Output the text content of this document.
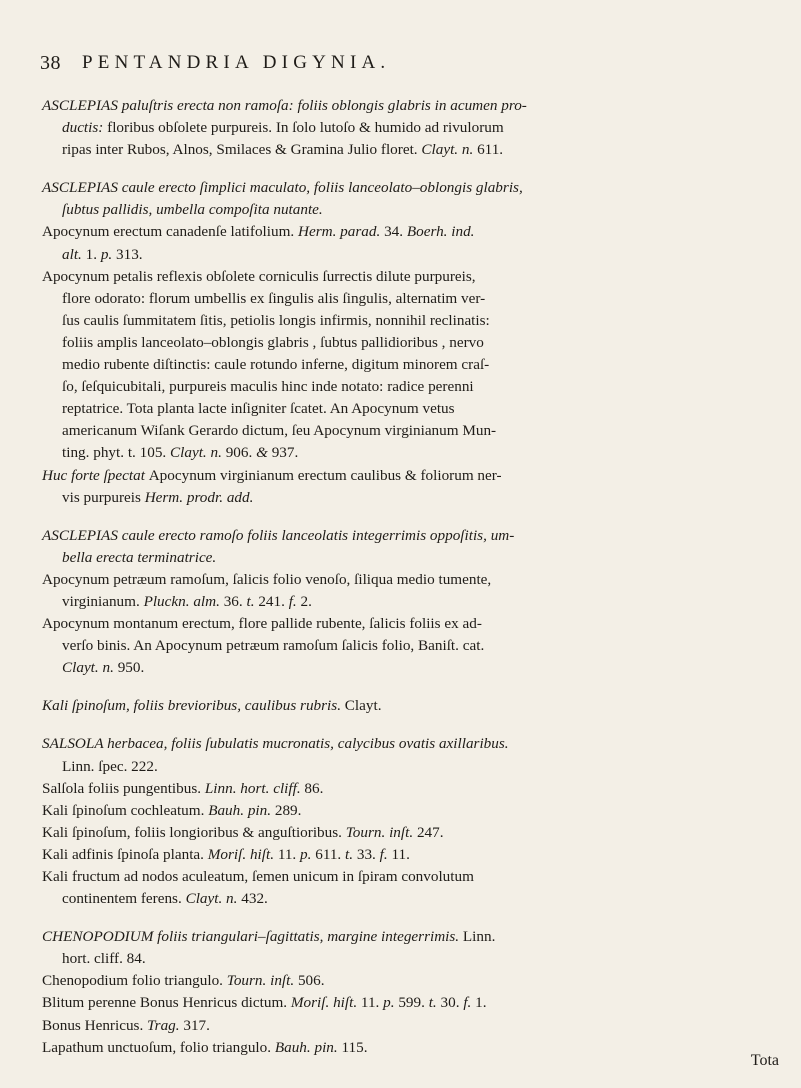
38 PENTANDRIA DIGYNIA.
ASCLEPIAS paluſtris erecta non ramoſa: foliis oblongis glabris in acumen pro-
ductis: floribus obſolete purpureis. In ſolo lutoſo & humido ad rivulorum
ripas inter Rubos, Alnos, Smilaces & Gramina Julio floret. Clayt. n. 611.
ASCLEPIAS caule erecto ſimplici maculato, foliis lanceolato–oblongis glabris,
ſubtus pallidis, umbella compoſita nutante.
Apocynum erectum canadenſe latifolium. Herm. parad. 34. Boerh. ind.
alt. 1. p. 313.
Apocynum petalis reflexis obſolete corniculis ſurrectis dilute purpureis,
flore odorato: florum umbellis ex ſingulis alis ſingulis, alternatim ver-
ſus caulis ſummitatem ſitis, petiolis longis infirmis, nonnihil reclinatis:
foliis amplis lanceolato–oblongis glabris , ſubtus pallidioribus , nervo
medio rubente diſtinctis: caule rotundo inferne, digitum minorem craſ-
ſo, ſeſquicubitali, purpureis maculis hinc inde notato: radice perenni
reptatrice. Tota planta lacte inſigniter ſcatet. An Apocynum vetus
americanum Wiſank Gerardo dictum, ſeu Apocynum virginianum Mun-
ting. phyt. t. 105. Clayt. n. 906. & 937.
Huc forte ſpectat Apocynum virginianum erectum caulibus & foliorum ner-
vis purpureis Herm. prodr. add.
ASCLEPIAS caule erecto ramoſo foliis lanceolatis integerrimis oppoſitis, um-
bella erecta terminatrice.
Apocynum petræum ramoſum, ſalicis folio venoſo, ſiliqua medio tumente,
virginianum. Pluckn. alm. 36. t. 241. f. 2.
Apocynum montanum erectum, flore pallide rubente, ſalicis foliis ex ad-
verſo binis. An Apocynum petræum ramoſum ſalicis folio, Baniſt. cat.
Clayt. n. 950.
Kali ſpinoſum, foliis brevioribus, caulibus rubris. Clayt.
SALSOLA herbacea, foliis ſubulatis mucronatis, calycibus ovatis axillaribus.
Linn. ſpec. 222.
Salſola foliis pungentibus. Linn. hort. cliff. 86.
Kali ſpinoſum cochleatum. Bauh. pin. 289.
Kali ſpinoſum, foliis longioribus & anguſtioribus. Tourn. inſt. 247.
Kali adfinis ſpinoſa planta. Moriſ. hiſt. 11. p. 611. t. 33. f. 11.
Kali fructum ad nodos aculeatum, ſemen unicum in ſpiram convolutum
continentem ferens. Clayt. n. 432.
CHENOPODIUM foliis triangulari–ſagittatis, margine integerrimis. Linn.
hort. cliff. 84.
Chenopodium folio triangulo. Tourn. inſt. 506.
Blitum perenne Bonus Henricus dictum. Moriſ. hiſt. 11. p. 599. t. 30. f. 1.
Bonus Henricus. Trag. 317.
Lapathum unctuoſum, folio triangulo. Bauh. pin. 115.
Tota
